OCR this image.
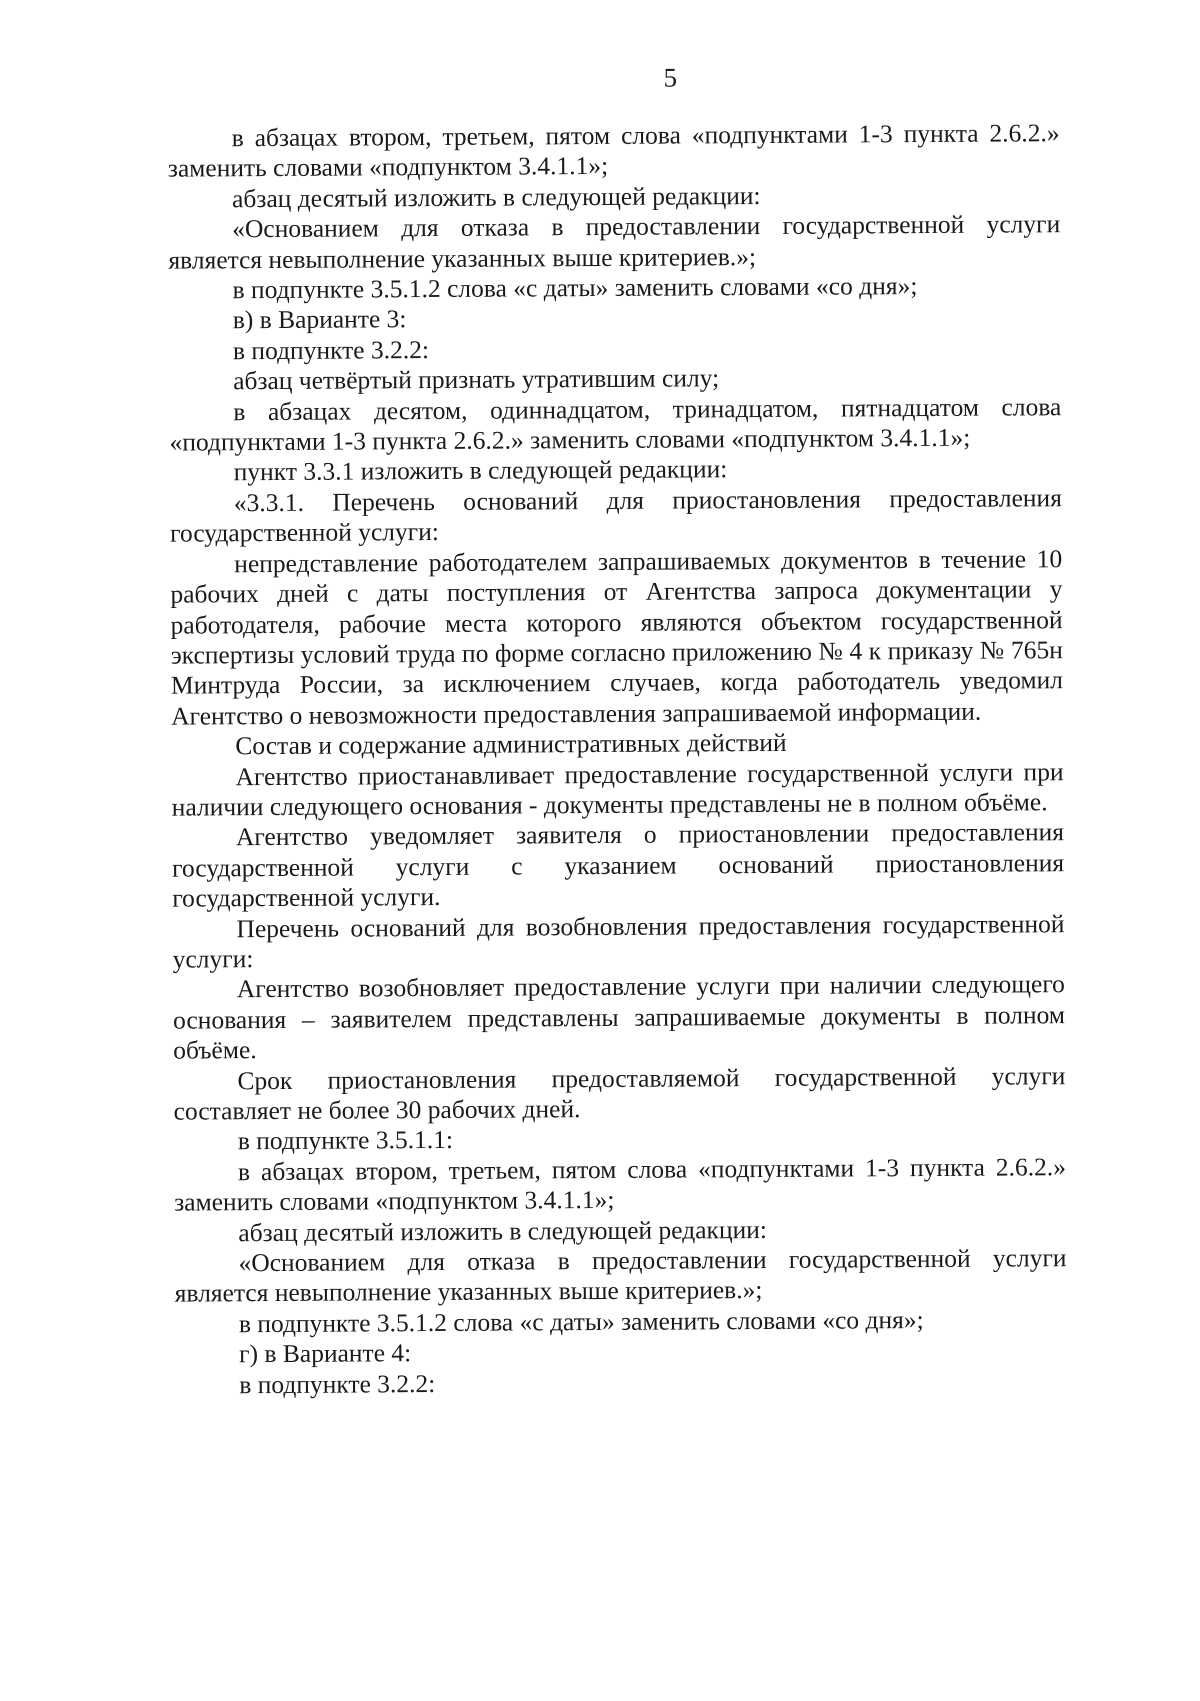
5

в абзацах втором, третьем, пятом слова «подпунктами 1-3 пункта 2.6.2.» заменить словами «подпунктом 3.4.1.1»;

абзац десятый изложить в следующей редакции:

«Основанием для отказа в предоставлении государственной услуги является невыполнение указанных выше критериев.»;

в подпункте 3.5.1.2 слова «с даты» заменить словами «со дня»;

в) в Варианте 3:

в подпункте 3.2.2:

абзац четвёртый признать утратившим силу;

в абзацах десятом, одиннадцатом, тринадцатом, пятнадцатом слова «подпунктами 1-3 пункта 2.6.2.» заменить словами «подпунктом 3.4.1.1»;

пункт 3.3.1 изложить в следующей редакции:

«3.3.1. Перечень оснований для приостановления предоставления государственной услуги:

непредставление работодателем запрашиваемых документов в течение 10 рабочих дней с даты поступления от Агентства запроса документации у работодателя, рабочие места которого являются объектом государственной экспертизы условий труда по форме согласно приложению № 4 к приказу № 765н Минтруда России, за исключением случаев, когда работодатель уведомил Агентство о невозможности предоставления запрашиваемой информации.

Состав и содержание административных действий

Агентство приостанавливает предоставление государственной услуги при наличии следующего основания - документы представлены не в полном объёме.

Агентство уведомляет заявителя о приостановлении предоставления государственной услуги с указанием оснований приостановления государственной услуги.

Перечень оснований для возобновления предоставления государственной услуги:

Агентство возобновляет предоставление услуги при наличии следующего основания – заявителем представлены запрашиваемые документы в полном объёме.

Срок приостановления предоставляемой государственной услуги составляет не более 30 рабочих дней.

в подпункте 3.5.1.1:

в абзацах втором, третьем, пятом слова «подпунктами 1-3 пункта 2.6.2.» заменить словами «подпунктом 3.4.1.1»;

абзац десятый изложить в следующей редакции:

«Основанием для отказа в предоставлении государственной услуги является невыполнение указанных выше критериев.»;

в подпункте 3.5.1.2 слова «с даты» заменить словами «со дня»;

г) в Варианте 4:

в подпункте 3.2.2:
